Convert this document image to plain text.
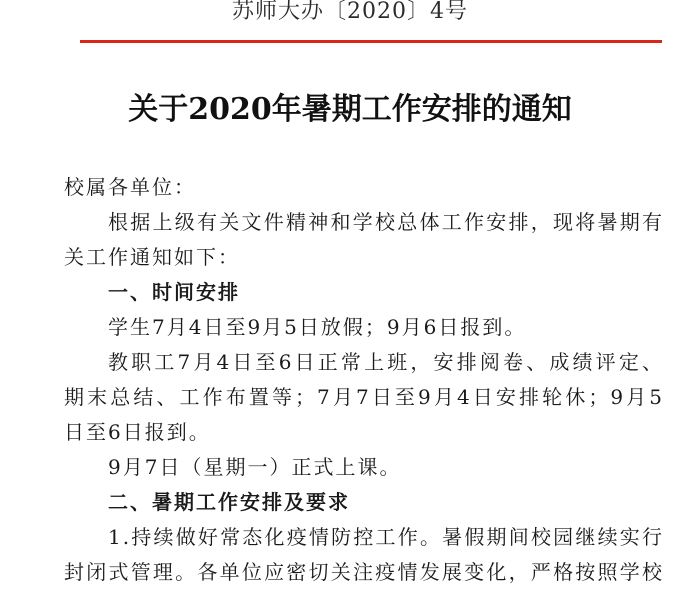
苏师大办〔2020〕4号
关于2020年暑期工作安排的通知
校属各单位：
根据上级有关文件精神和学校总体工作安排，现将暑期有
关工作通知如下：
一、时间安排
学生7月4日至9月5日放假；9月6日报到。
教职工7月4日至6日正常上班，安排阅卷、成绩评定、
期末总结、工作布置等；7月7日至9月4日安排轮休；9月5
日至6日报到。
9月7日（星期一）正式上课。
二、暑期工作安排及要求
1.持续做好常态化疫情防控工作。暑假期间校园继续实行
封闭式管理。各单位应密切关注疫情发展变化，严格按照学校
